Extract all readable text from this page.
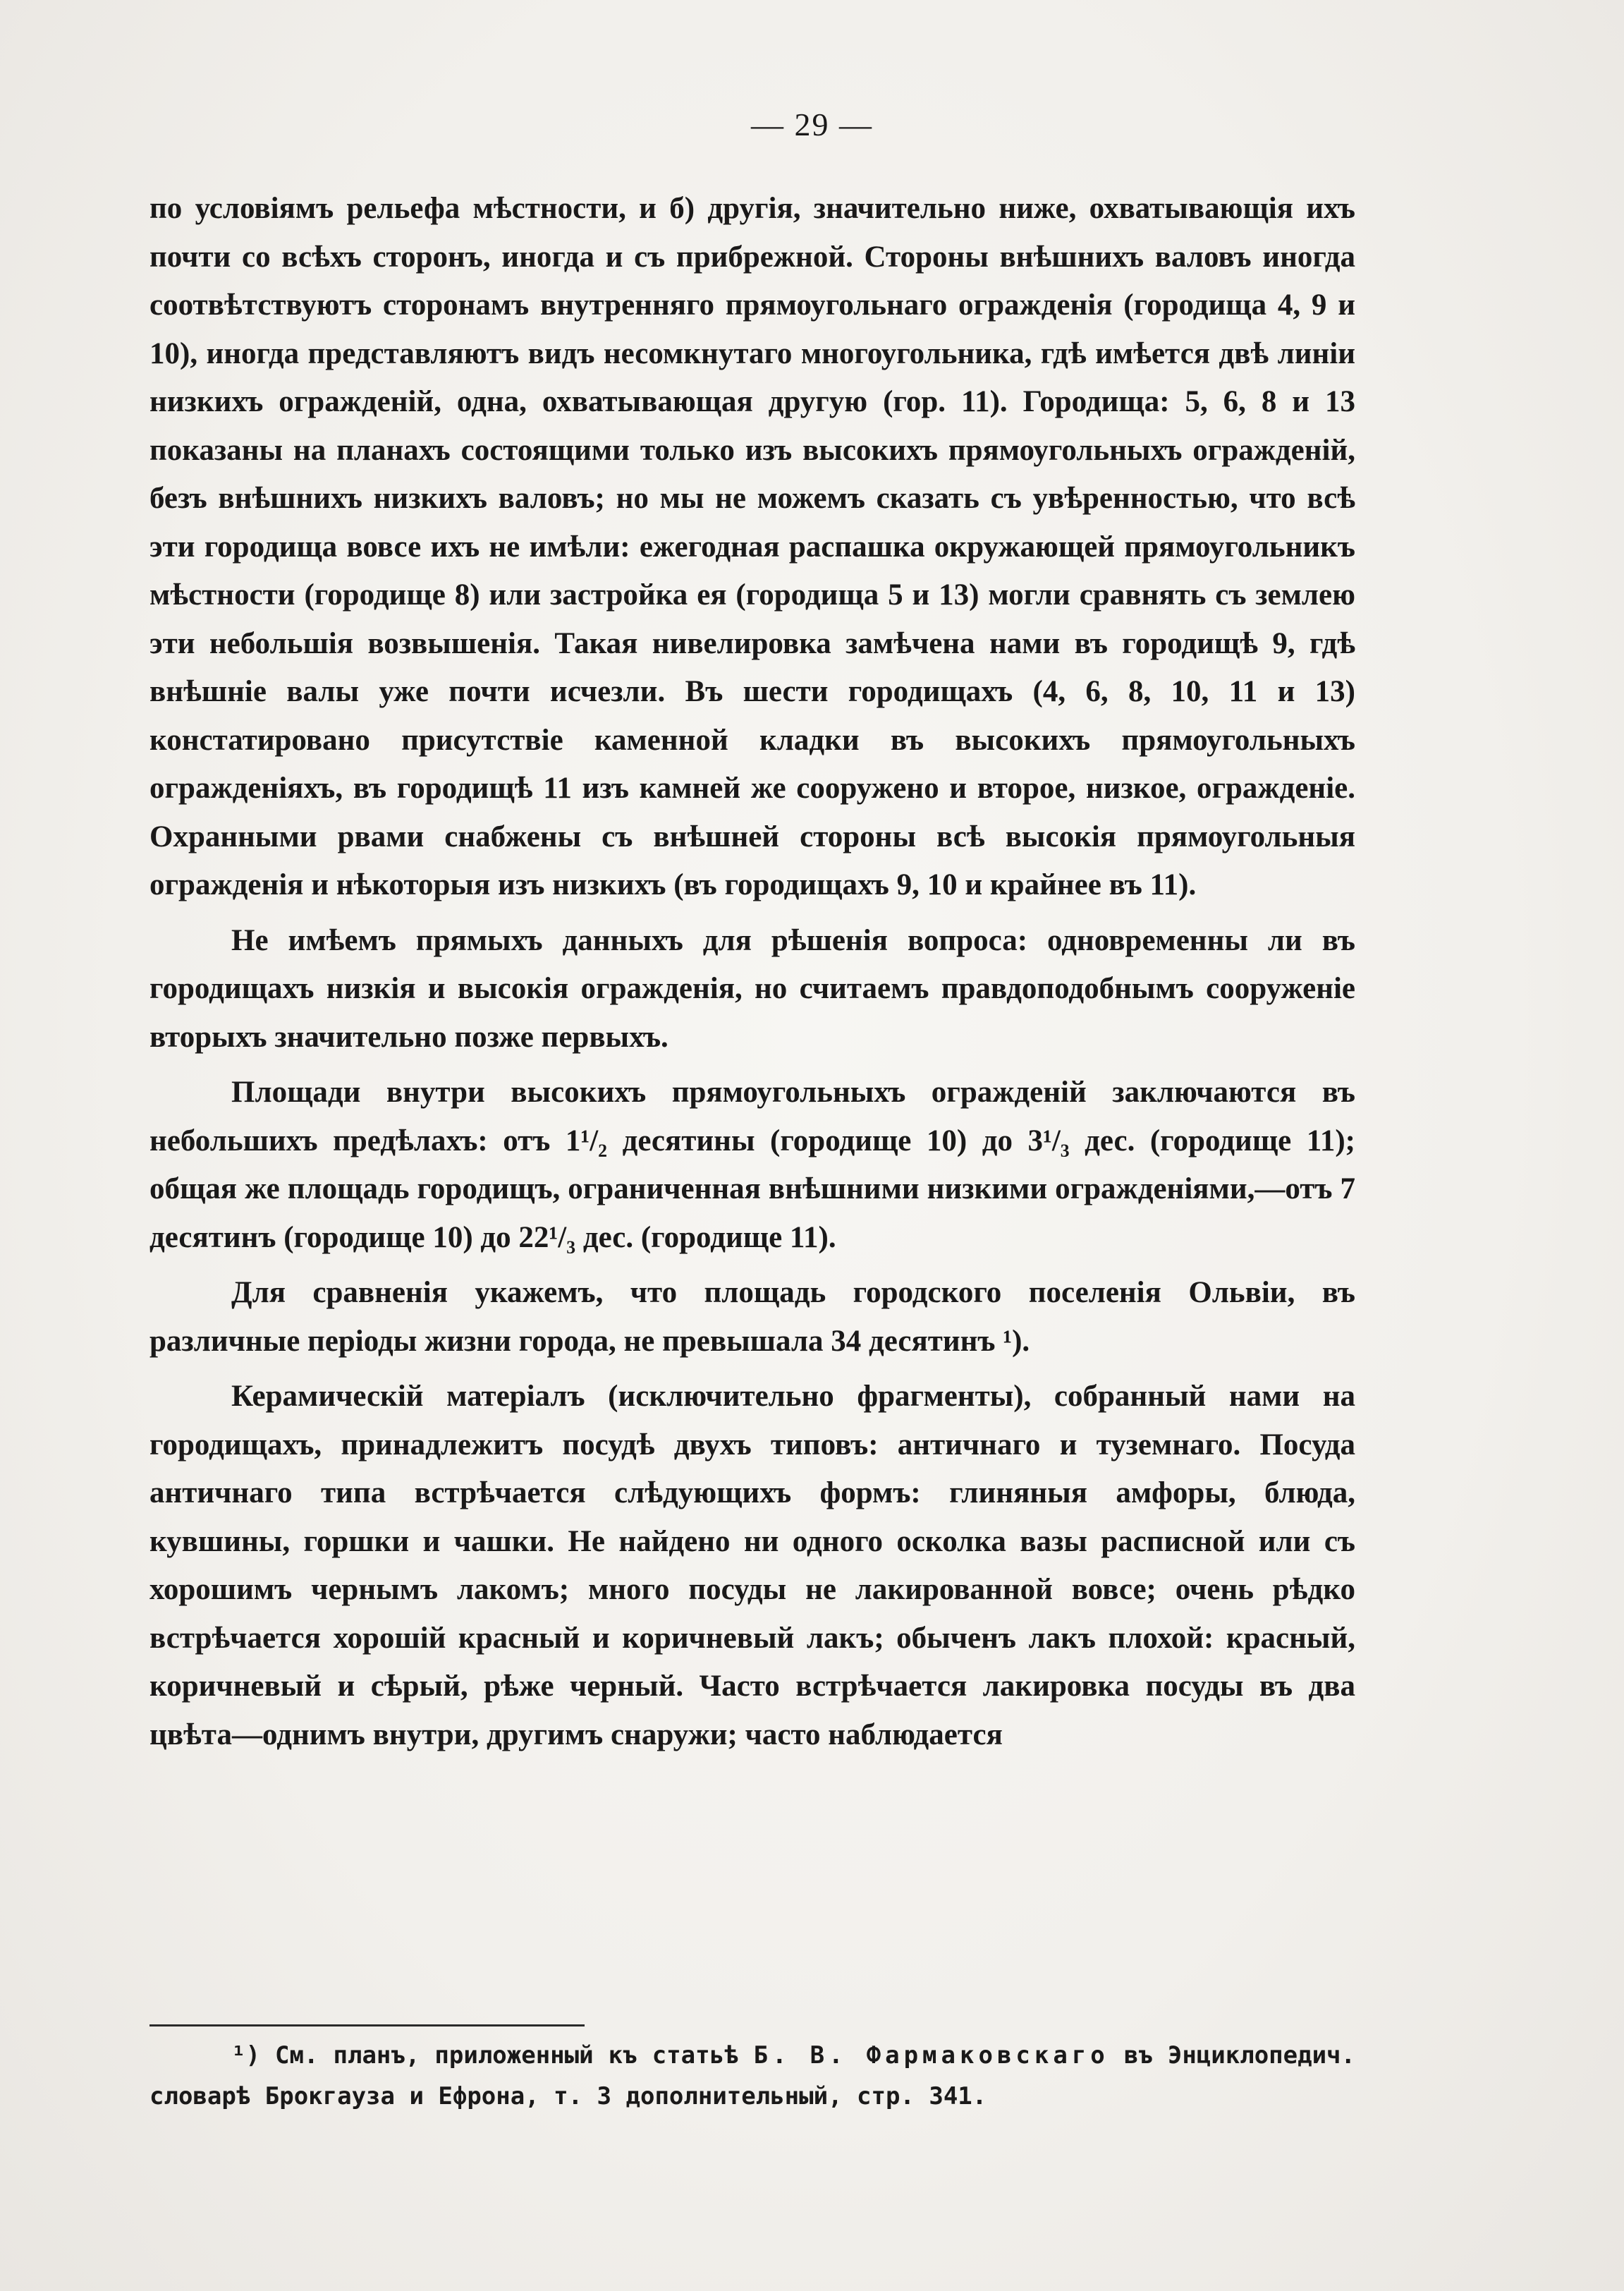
— 29 —

по условіямъ рельефа мѣстности, и б) другія, значительно ниже, охватывающія ихъ почти со всѣхъ сторонъ, иногда и съ прибрежной. Стороны внѣшнихъ валовъ иногда соотвѣтствуютъ сторонамъ внутренняго прямоугольнаго огражденія (городища 4, 9 и 10), иногда представляютъ видъ несомкнутаго многоугольника, гдѣ имѣется двѣ линіи низкихъ огражденій, одна, охватывающая другую (гор. 11). Городища: 5, 6, 8 и 13 показаны на планахъ состоящими только изъ высокихъ прямоугольныхъ огражденій, безъ внѣшнихъ низкихъ валовъ; но мы не можемъ сказать съ увѣренностью, что всѣ эти городища вовсе ихъ не имѣли: ежегодная распашка окружающей прямоугольникъ мѣстности (городище 8) или застройка ея (городища 5 и 13) могли сравнять съ землею эти небольшія возвышенія. Такая нивелировка замѣчена нами въ городищѣ 9, гдѣ внѣшніе валы уже почти исчезли. Въ шести городищахъ (4, 6, 8, 10, 11 и 13) констатировано присутствіе каменной кладки въ высокихъ прямоугольныхъ огражденіяхъ, въ городищѣ 11 изъ камней же сооружено и второе, низкое, огражденіе. Охранными рвами снабжены съ внѣшней стороны всѣ высокія прямоугольныя огражденія и нѣкоторыя изъ низкихъ (въ городищахъ 9, 10 и крайнее въ 11).

Не имѣемъ прямыхъ данныхъ для рѣшенія вопроса: одновременны ли въ городищахъ низкія и высокія огражденія, но считаемъ правдоподобнымъ сооруженіе вторыхъ значительно позже первыхъ.

Площади внутри высокихъ прямоугольныхъ огражденій заключаются въ небольшихъ предѣлахъ: отъ 1¹/₂ десятины (городище 10) до 3¹/₃ дес. (городище 11); общая же площадь городищъ, ограниченная внѣшними низкими огражденіями,—отъ 7 десятинъ (городище 10) до 22¹/₃ дес. (городище 11).

Для сравненія укажемъ, что площадь городского поселенія Ольвіи, въ различные періоды жизни города, не превышала 34 десятинъ ¹).

Керамическій матеріалъ (исключительно фрагменты), собранный нами на городищахъ, принадлежитъ посудѣ двухъ типовъ: античнаго и туземнаго. Посуда античнаго типа встрѣчается слѣдующихъ формъ: глиняныя амфоры, блюда, кувшины, горшки и чашки. Не найдено ни одного осколка вазы расписной или съ хорошимъ чернымъ лакомъ; много посуды не лакированной вовсе; очень рѣдко встрѣчается хорошій красный и коричневый лакъ; обыченъ лакъ плохой: красный, коричневый и сѣрый, рѣже черный. Часто встрѣчается лакировка посуды въ два цвѣта—однимъ внутри, другимъ снаружи; часто наблюдается

¹) См. планъ, приложенный къ статьѣ Б. В. Фармаковскаго въ Энциклопедич. словарѣ Брокгауза и Ефрона, т. 3 дополнительный, стр. 341.
